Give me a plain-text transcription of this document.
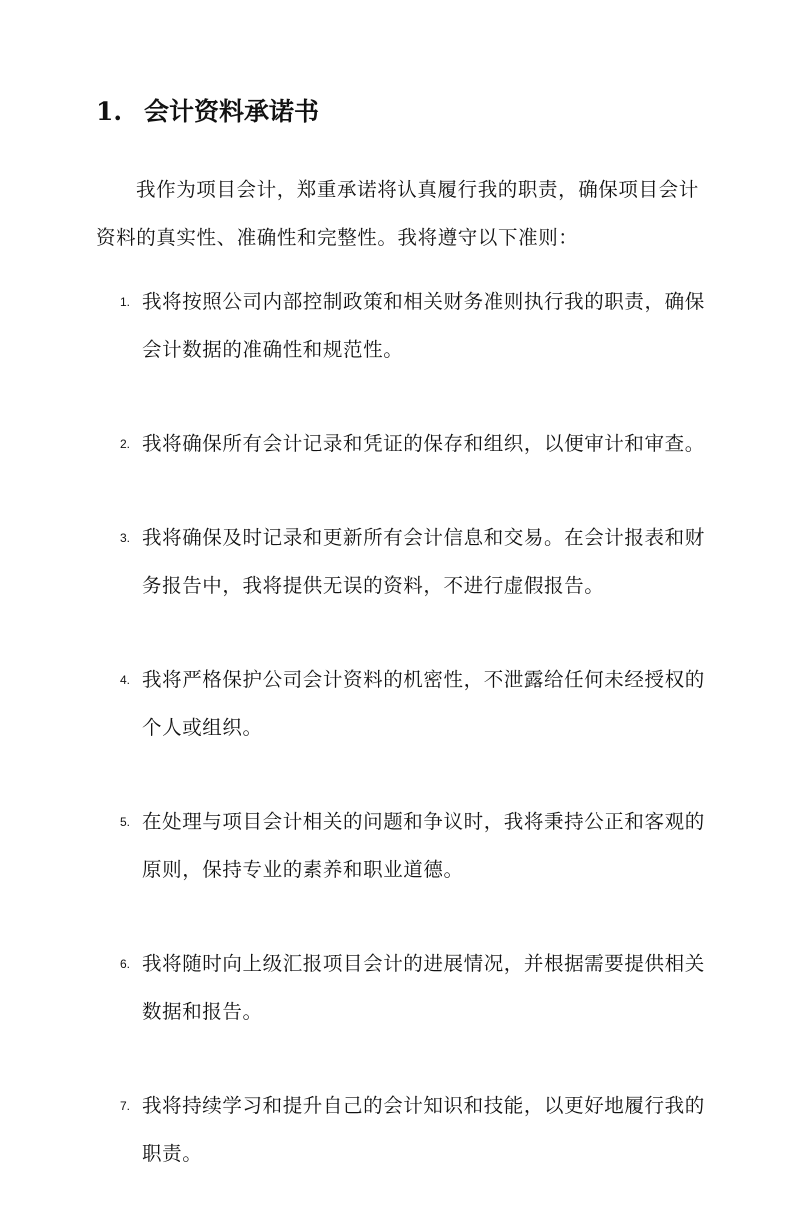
1. 会计资料承诺书

我作为项目会计，郑重承诺将认真履行我的职责，确保项目会计资料的真实性、准确性和完整性。我将遵守以下准则：

1. 我将按照公司内部控制政策和相关财务准则执行我的职责，确保会计数据的准确性和规范性。
2. 我将确保所有会计记录和凭证的保存和组织，以便审计和审查。
3. 我将确保及时记录和更新所有会计信息和交易。在会计报表和财务报告中，我将提供无误的资料，不进行虚假报告。
4. 我将严格保护公司会计资料的机密性，不泄露给任何未经授权的个人或组织。
5. 在处理与项目会计相关的问题和争议时，我将秉持公正和客观的原则，保持专业的素养和职业道德。
6. 我将随时向上级汇报项目会计的进展情况，并根据需要提供相关数据和报告。
7. 我将持续学习和提升自己的会计知识和技能，以更好地履行我的职责。
